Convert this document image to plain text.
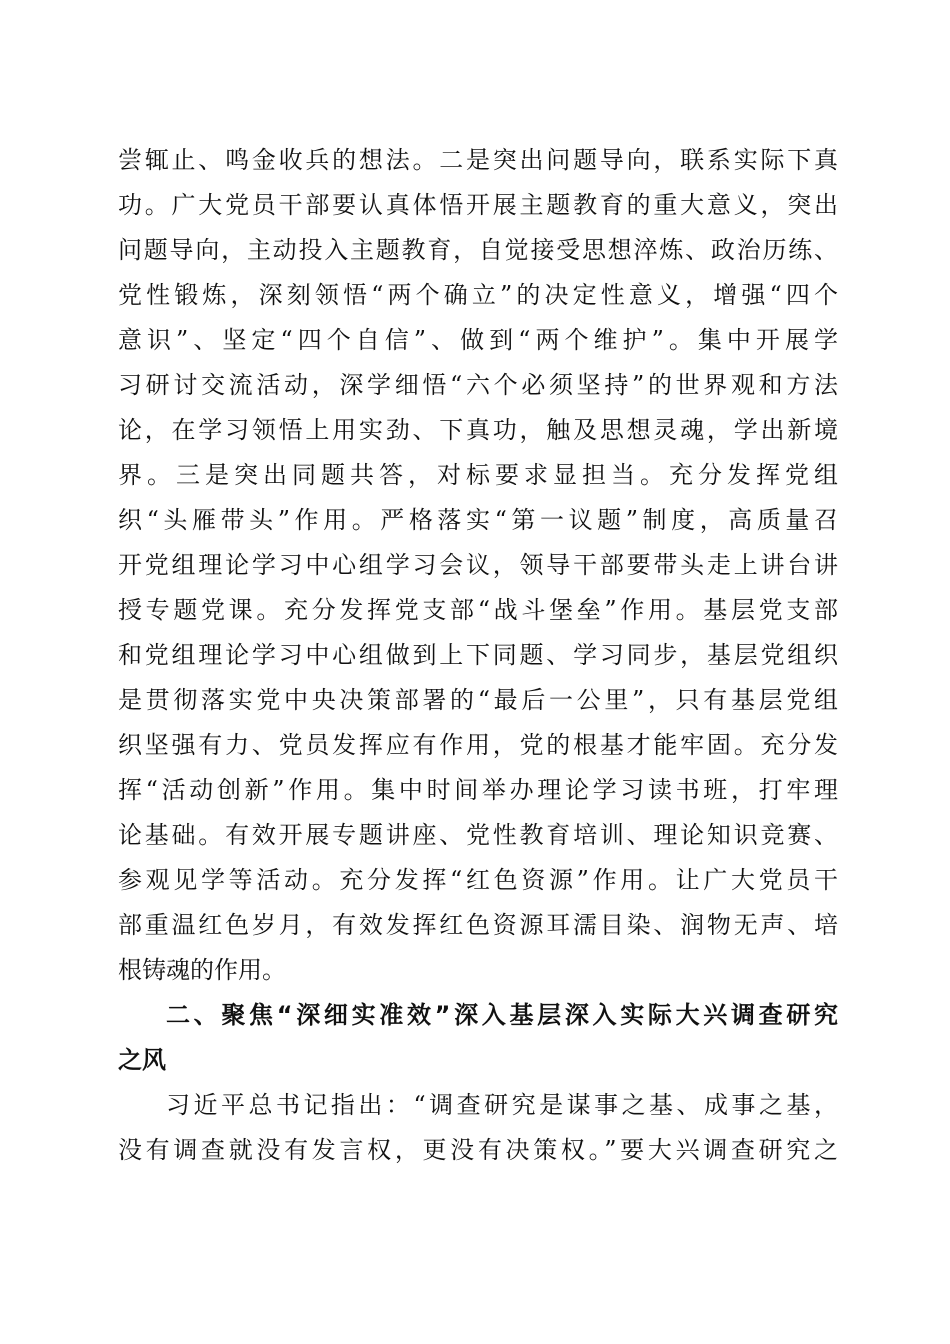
尝辄止、鸣金收兵的想法。二是突出问题导向，联系实际下真
功。广大党员干部要认真体悟开展主题教育的重大意义，突出
问题导向，主动投入主题教育，自觉接受思想淬炼、政治历练、
党性锻炼，深刻领悟“两个确立”的决定性意义，增强“四个
意识”、坚定“四个自信”、做到“两个维护”。集中开展学
习研讨交流活动，深学细悟“六个必须坚持”的世界观和方法
论，在学习领悟上用实劲、下真功，触及思想灵魂，学出新境
界。三是突出同题共答，对标要求显担当。充分发挥党组
织“头雁带头”作用。严格落实“第一议题”制度，高质量召
开党组理论学习中心组学习会议，领导干部要带头走上讲台讲
授专题党课。充分发挥党支部“战斗堡垒”作用。基层党支部
和党组理论学习中心组做到上下同题、学习同步，基层党组织
是贯彻落实党中央决策部署的“最后一公里”，只有基层党组
织坚强有力、党员发挥应有作用，党的根基才能牢固。充分发
挥“活动创新”作用。集中时间举办理论学习读书班，打牢理
论基础。有效开展专题讲座、党性教育培训、理论知识竞赛、
参观见学等活动。充分发挥“红色资源”作用。让广大党员干
部重温红色岁月，有效发挥红色资源耳濡目染、润物无声、培
根铸魂的作用。
二、聚焦“深细实准效”深入基层深入实际大兴调查研究
之风
习近平总书记指出：“调查研究是谋事之基、成事之基，
没有调查就没有发言权，更没有决策权。”要大兴调查研究之
